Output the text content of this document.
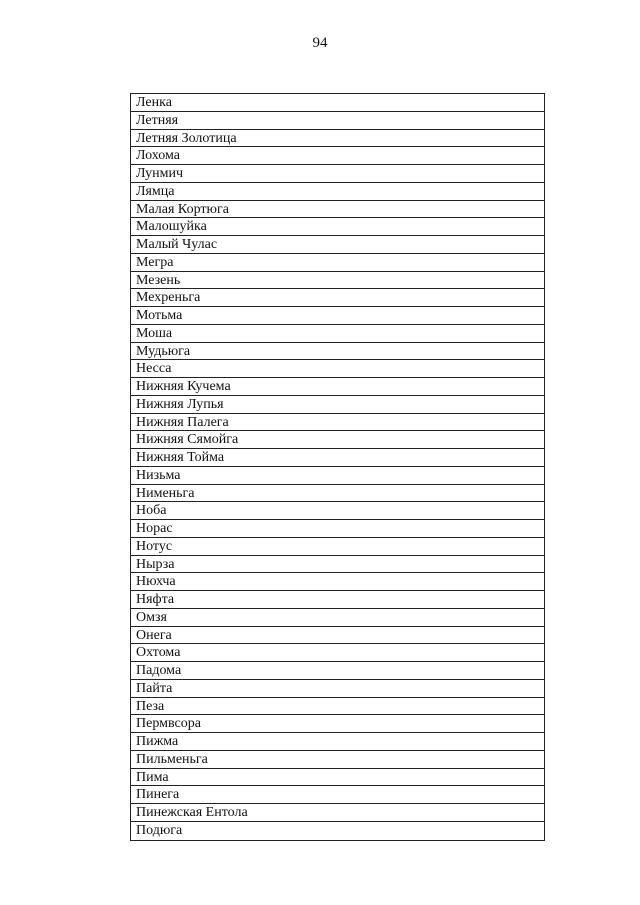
94
Ленка
Летняя
Летняя Золотица
Лохома
Лунмич
Лямца
Малая Кортюга
Малошуйка
Малый Чулас
Мегра
Мезень
Мехреньга
Мотьма
Моша
Мудьюга
Несса
Нижняя Кучема
Нижняя Лупья
Нижняя Палега
Нижняя Сямойга
Нижняя Тойма
Низьма
Нименьга
Ноба
Норас
Нотус
Нырза
Нюхча
Няфта
Омзя
Онега
Охтома
Падома
Пайта
Пеза
Пермвсора
Пижма
Пильменьга
Пима
Пинега
Пинежская Ентола
Подюга
